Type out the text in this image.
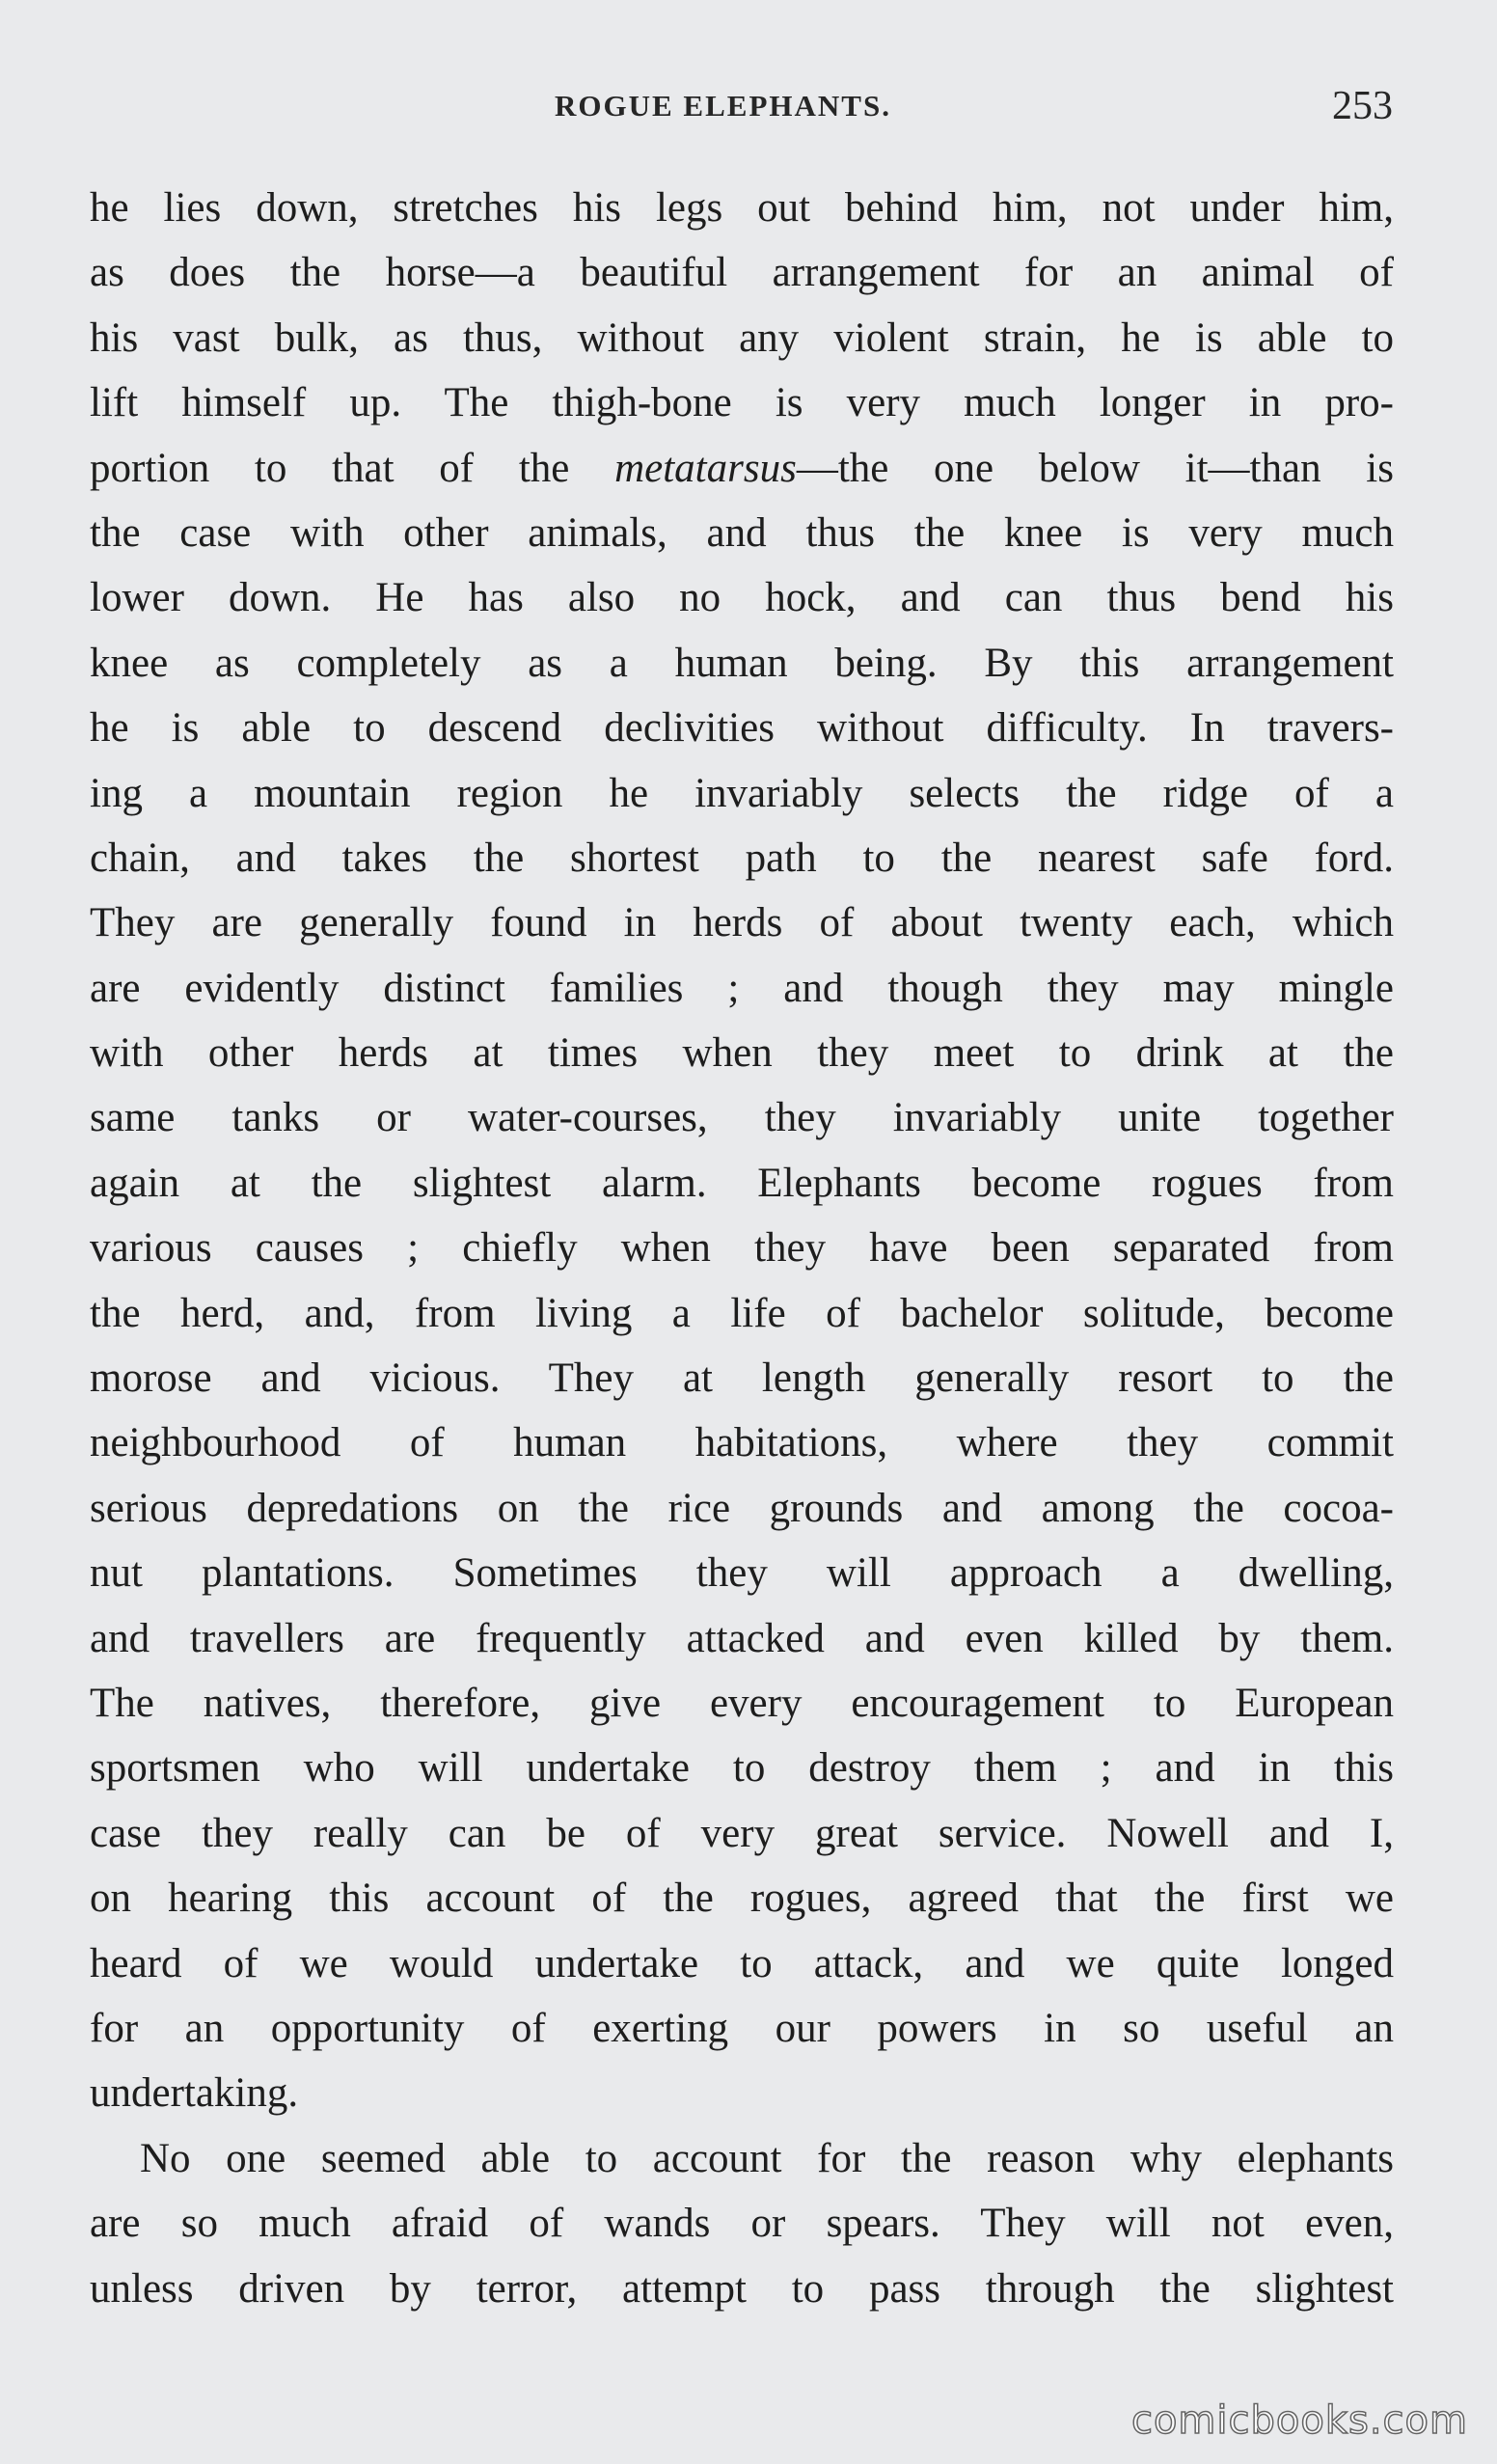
ROGUE ELEPHANTS.	253
he lies down, stretches his legs out behind him, not under him,
as does the horse—a beautiful arrangement for an animal of
his vast bulk, as thus, without any violent strain, he is able to
lift himself up. The thigh-bone is very much longer in pro-
portion to that of the metatarsus—the one below it—than is
the case with other animals, and thus the knee is very much
lower down. He has also no hock, and can thus bend his
knee as completely as a human being. By this arrangement
he is able to descend declivities without difficulty. In travers-
ing a mountain region he invariably selects the ridge of a
chain, and takes the shortest path to the nearest safe ford.
They are generally found in herds of about twenty each, which
are evidently distinct families ; and though they may mingle
with other herds at times when they meet to drink at the
same tanks or water-courses, they invariably unite together
again at the slightest alarm. Elephants become rogues from
various causes ; chiefly when they have been separated from
the herd, and, from living a life of bachelor solitude, become
morose and vicious. They at length generally resort to the
neighbourhood of human habitations, where they commit
serious depredations on the rice grounds and among the cocoa-
nut plantations. Sometimes they will approach a dwelling,
and travellers are frequently attacked and even killed by them.
The natives, therefore, give every encouragement to European
sportsmen who will undertake to destroy them ; and in this
case they really can be of very great service. Nowell and I,
on hearing this account of the rogues, agreed that the first we
heard of we would undertake to attack, and we quite longed
for an opportunity of exerting our powers in so useful an
undertaking.
No one seemed able to account for the reason why elephants
are so much afraid of wands or spears. They will not even,
unless driven by terror, attempt to pass through the slightest
comicbooks.com
